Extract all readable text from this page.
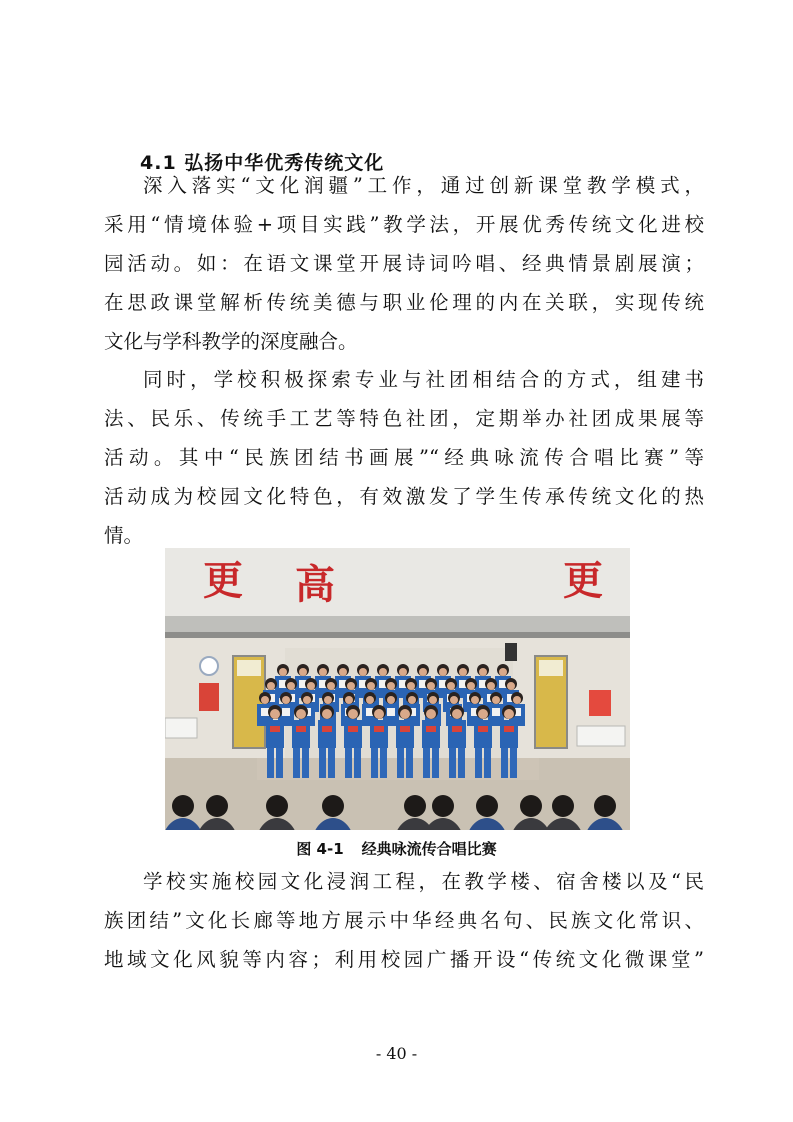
4.1 弘扬中华优秀传统文化
深入落实“文化润疆”工作，通过创新课堂教学模式，
采用“情境体验+项目实践”教学法，开展优秀传统文化进校
园活动。如：在语文课堂开展诗词吟唱、经典情景剧展演；
在思政课堂解析传统美德与职业伦理的内在关联，实现传统
文化与学科教学的深度融合。
同时，学校积极探索专业与社团相结合的方式，组建书
法、民乐、传统手工艺等特色社团，定期举办社团成果展等
活动。其中“民族团结书画展”“经典咏流传合唱比赛”等
活动成为校园文化特色，有效激发了学生传承传统文化的热
情。
更 高	更
图 4-1 经典咏流传合唱比赛
学校实施校园文化浸润工程，在教学楼、宿舍楼以及“民
族团结”文化长廊等地方展示中华经典名句、民族文化常识、
地域文化风貌等内容；利用校园广播开设“传统文化微课堂”
- 40 -
